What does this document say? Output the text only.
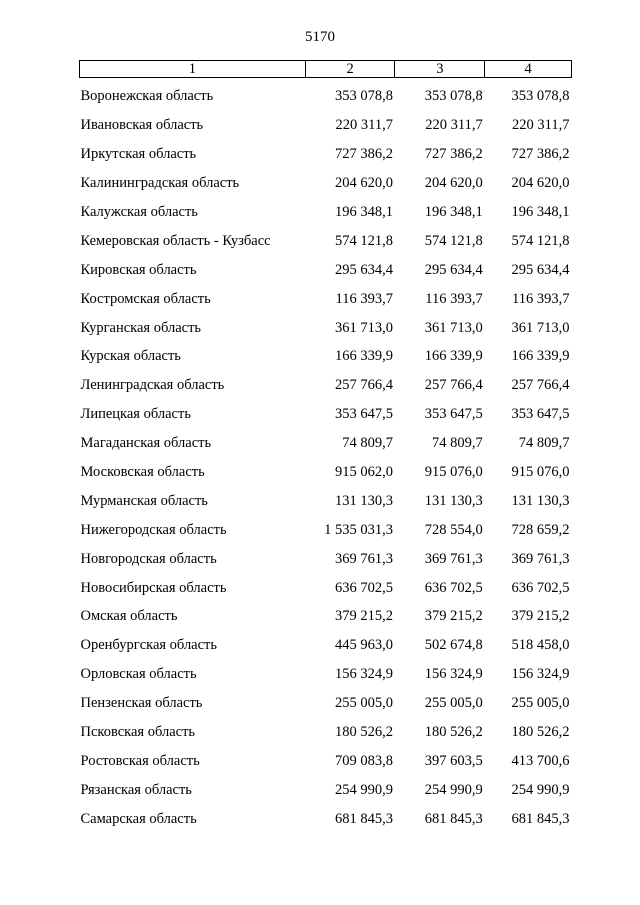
5170
1	2	3	4
Воронежская область	353 078,8	353 078,8	353 078,8
Ивановская область	220 311,7	220 311,7	220 311,7
Иркутская область	727 386,2	727 386,2	727 386,2
Калининградская область	204 620,0	204 620,0	204 620,0
Калужская область	196 348,1	196 348,1	196 348,1
Кемеровская область - Кузбасс	574 121,8	574 121,8	574 121,8
Кировская область	295 634,4	295 634,4	295 634,4
Костромская область	116 393,7	116 393,7	116 393,7
Курганская область	361 713,0	361 713,0	361 713,0
Курская область	166 339,9	166 339,9	166 339,9
Ленинградская область	257 766,4	257 766,4	257 766,4
Липецкая область	353 647,5	353 647,5	353 647,5
Магаданская область	74 809,7	74 809,7	74 809,7
Московская область	915 062,0	915 076,0	915 076,0
Мурманская область	131 130,3	131 130,3	131 130,3
Нижегородская область	1 535 031,3	728 554,0	728 659,2
Новгородская область	369 761,3	369 761,3	369 761,3
Новосибирская область	636 702,5	636 702,5	636 702,5
Омская область	379 215,2	379 215,2	379 215,2
Оренбургская область	445 963,0	502 674,8	518 458,0
Орловская область	156 324,9	156 324,9	156 324,9
Пензенская область	255 005,0	255 005,0	255 005,0
Псковская область	180 526,2	180 526,2	180 526,2
Ростовская область	709 083,8	397 603,5	413 700,6
Рязанская область	254 990,9	254 990,9	254 990,9
Самарская область	681 845,3	681 845,3	681 845,3
